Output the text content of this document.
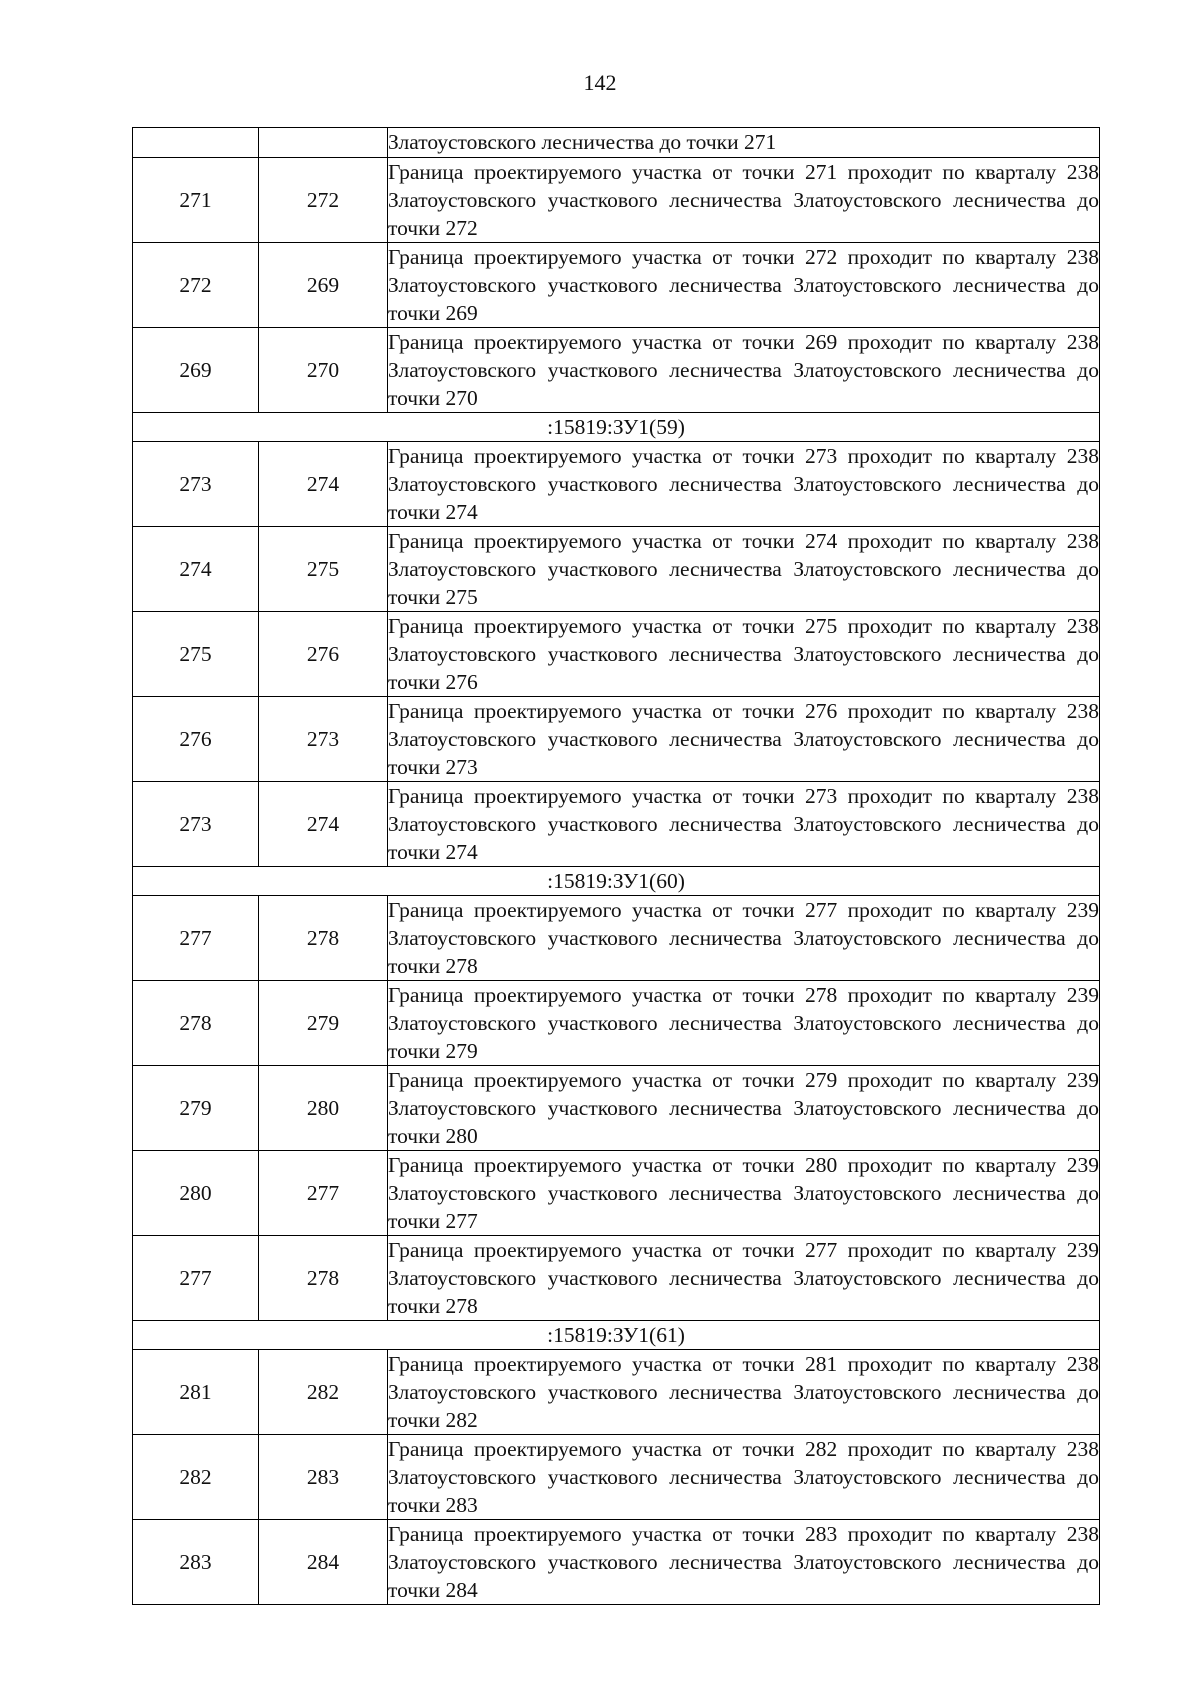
142
		Златоустовского лесничества до точки 271
271	272	Граница проектируемого участка от точки 271 проходит по кварталу 238 Златоустовского участкового лесничества Златоустовского лесничества до точки 272
272	269	Граница проектируемого участка от точки 272 проходит по кварталу 238 Златоустовского участкового лесничества Златоустовского лесничества до точки 269
269	270	Граница проектируемого участка от точки 269 проходит по кварталу 238 Златоустовского участкового лесничества Златоустовского лесничества до точки 270
:15819:ЗУ1(59)		
273	274	Граница проектируемого участка от точки 273 проходит по кварталу 238 Златоустовского участкового лесничества Златоустовского лесничества до точки 274
274	275	Граница проектируемого участка от точки 274 проходит по кварталу 238 Златоустовского участкового лесничества Златоустовского лесничества до точки 275
275	276	Граница проектируемого участка от точки 275 проходит по кварталу 238 Златоустовского участкового лесничества Златоустовского лесничества до точки 276
276	273	Граница проектируемого участка от точки 276 проходит по кварталу 238 Златоустовского участкового лесничества Златоустовского лесничества до точки 273
273	274	Граница проектируемого участка от точки 273 проходит по кварталу 238 Златоустовского участкового лесничества Златоустовского лесничества до точки 274
:15819:ЗУ1(60)		
277	278	Граница проектируемого участка от точки 277 проходит по кварталу 239 Златоустовского участкового лесничества Златоустовского лесничества до точки 278
278	279	Граница проектируемого участка от точки 278 проходит по кварталу 239 Златоустовского участкового лесничества Златоустовского лесничества до точки 279
279	280	Граница проектируемого участка от точки 279 проходит по кварталу 239 Златоустовского участкового лесничества Златоустовского лесничества до точки 280
280	277	Граница проектируемого участка от точки 280 проходит по кварталу 239 Златоустовского участкового лесничества Златоустовского лесничества до точки 277
277	278	Граница проектируемого участка от точки 277 проходит по кварталу 239 Златоустовского участкового лесничества Златоустовского лесничества до точки 278
:15819:ЗУ1(61)		
281	282	Граница проектируемого участка от точки 281 проходит по кварталу 238 Златоустовского участкового лесничества Златоустовского лесничества до точки 282
282	283	Граница проектируемого участка от точки 282 проходит по кварталу 238 Златоустовского участкового лесничества Златоустовского лесничества до точки 283
283	284	Граница проектируемого участка от точки 283 проходит по кварталу 238 Златоустовского участкового лесничества Златоустовского лесничества до точки 284
